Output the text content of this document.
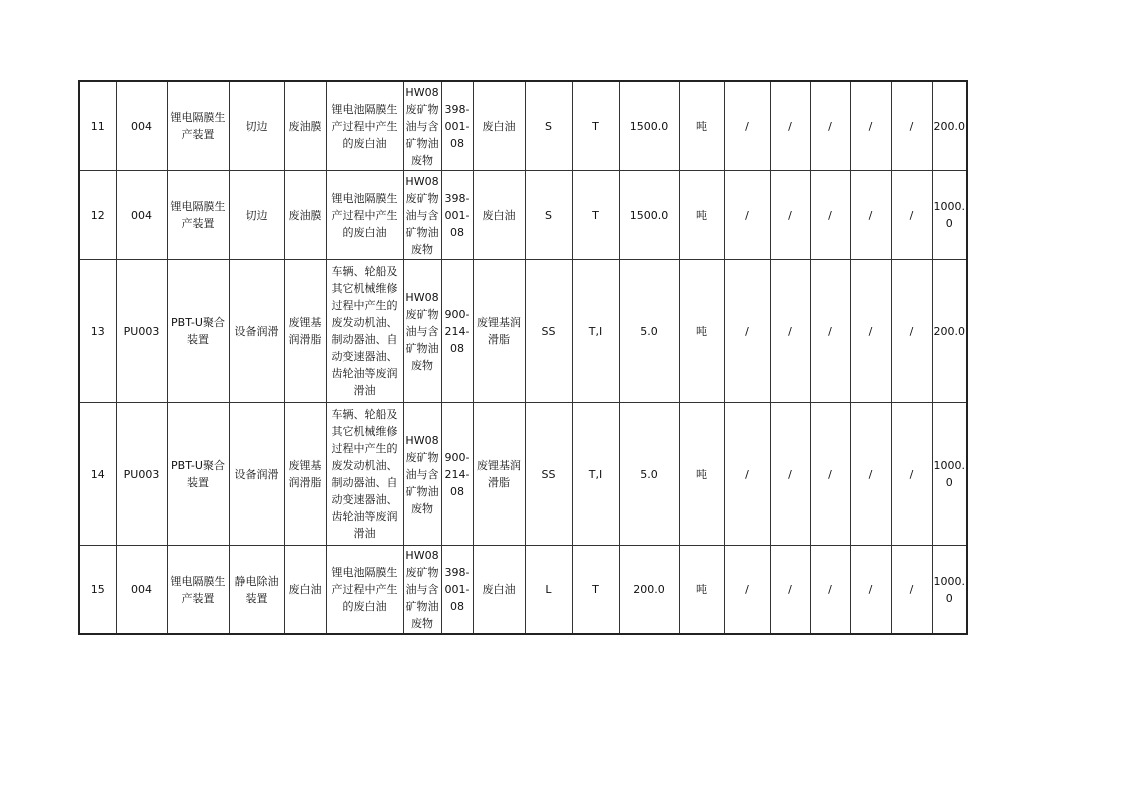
11	004	锂电隔膜生产装置	切边	废油膜	锂电池隔膜生产过程中产生的废白油	HW08废矿物油与含矿物油废物	398-001-08	废白油	S	T	1500.0	吨	/	/	/	/	/	200.0
12	004	锂电隔膜生产装置	切边	废油膜	锂电池隔膜生产过程中产生的废白油	HW08废矿物油与含矿物油废物	398-001-08	废白油	S	T	1500.0	吨	/	/	/	/	/	1000.0
13	PU003	PBT-U聚合装置	设备润滑	废锂基润滑脂	车辆、轮船及其它机械维修过程中产生的废发动机油、制动器油、自动变速器油、齿轮油等废润滑油	HW08废矿物油与含矿物油废物	900-214-08	废锂基润滑脂	SS	T,I	5.0	吨	/	/	/	/	/	200.0
14	PU003	PBT-U聚合装置	设备润滑	废锂基润滑脂	车辆、轮船及其它机械维修过程中产生的废发动机油、制动器油、自动变速器油、齿轮油等废润滑油	HW08废矿物油与含矿物油废物	900-214-08	废锂基润滑脂	SS	T,I	5.0	吨	/	/	/	/	/	1000.0
15	004	锂电隔膜生产装置	静电除油装置	废白油	锂电池隔膜生产过程中产生的废白油	HW08废矿物油与含矿物油废物	398-001-08	废白油	L	T	200.0	吨	/	/	/	/	/	1000.0
